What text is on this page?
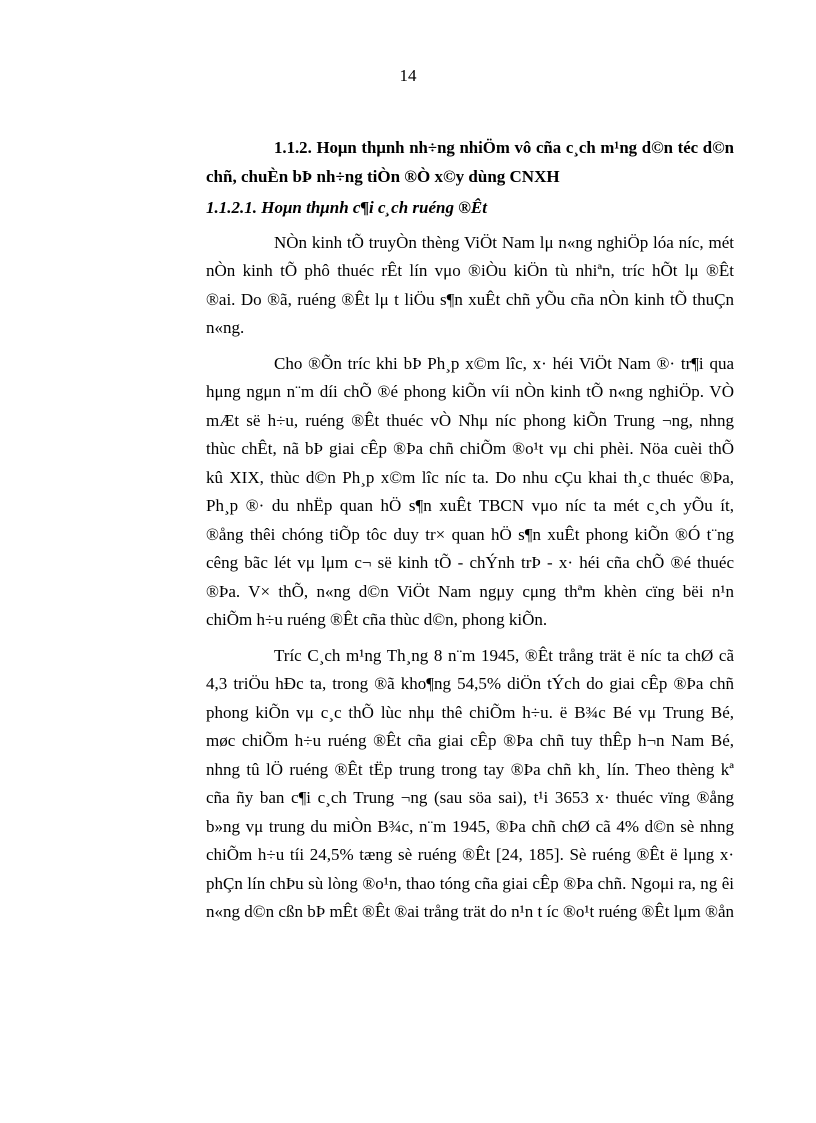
14
1.1.2. Hoμn thμnh nh÷ng nhiÖm vô cña c¸ch m¹ng d©n téc d©n
chñ, chuÈn bÞ nh÷ng tiÒn ®Ò x©y dùng CNXH
1.1.2.1. Hoμn thμnh c¶i c¸ch ruéng ®Êt
NÒn kinh tÕ truyÒn thèng ViÖt Nam lμ n«ng nghiÖp lóa níc, mét
nÒn kinh tÕ phô thuéc rÊt lín vμo ®iÒu kiÖn tù nhiªn, tríc hÕt lμ ®Êt
®ai. Do ®ã, ruéng ®Êt lμ t liÖu s¶n xuÊt chñ yÕu cña nÒn kinh tÕ thuÇn
n«ng.
Cho ®Õn tríc khi bÞ Ph¸p x©m lîc, x· héi ViÖt Nam ®· tr¶i qua
hμng ngμn n¨m díi chÕ ®é phong kiÕn víi nÒn kinh tÕ n«ng nghiÖp. VÒ
mÆt së h÷u, ruéng ®Êt thuéc vÒ Nhμ níc phong kiÕn Trung ¬ng, nhng
thùc chÊt, nã bÞ giai cÊp ®Þa chñ chiÕm ®o¹t vμ chi phèi. Nöa cuèi thÕ
kû XIX, thùc d©n Ph¸p x©m lîc níc ta. Do nhu cÇu khai th¸c thuéc ®Þa,
Ph¸p ®· du nhËp quan hÖ s¶n xuÊt TBCN vμo níc ta mét c¸ch yÕu ít,
®ång thêi chóng tiÕp tôc duy tr× quan hÖ s¶n xuÊt phong kiÕn ®Ó t¨ng
cêng bãc lét vμ lμm c¬ së kinh tÕ - chÝnh trÞ - x· héi cña chÕ ®é thuéc
®Þa. V× thÕ, n«ng d©n ViÖt Nam ngμy cμng thªm khèn cïng bëi n¹n
chiÕm h÷u ruéng ®Êt cña thùc d©n, phong kiÕn.
Tríc C¸ch m¹ng Th¸ng 8 n¨m 1945, ®Êt trång trät ë níc ta chØ cã
4,3 triÖu hÐc ta, trong ®ã kho¶ng 54,5% diÖn tÝch do giai cÊp ®Þa chñ
phong kiÕn vμ c¸c thÕ lùc nhμ thê chiÕm h÷u. ë B¾c Bé vμ Trung Bé,
møc chiÕm h÷u ruéng ®Êt cña giai cÊp ®Þa chñ tuy thÊp h¬n Nam Bé,
nhng tû lÖ ruéng ®Êt tËp trung trong tay ®Þa chñ kh¸ lín. Theo thèng kª
cña ñy ban c¶i c¸ch Trung ¬ng (sau söa sai), t¹i 3653 x· thuéc vïng ®ång
b»ng vμ trung du miÒn B¾c, n¨m 1945, ®Þa chñ chØ cã 4% d©n sè nhng
chiÕm h÷u tíi 24,5% tæng sè ruéng ®Êt [24, 185]. Sè ruéng ®Êt ë lμng x·
phÇn lín chÞu sù lòng ®o¹n, thao tóng cña giai cÊp ®Þa chñ. Ngoμi ra, ng êi
n«ng d©n cßn bÞ mÊt ®Êt ®ai trång trät do n¹n t íc ®o¹t ruéng ®Êt lμm ®ån
